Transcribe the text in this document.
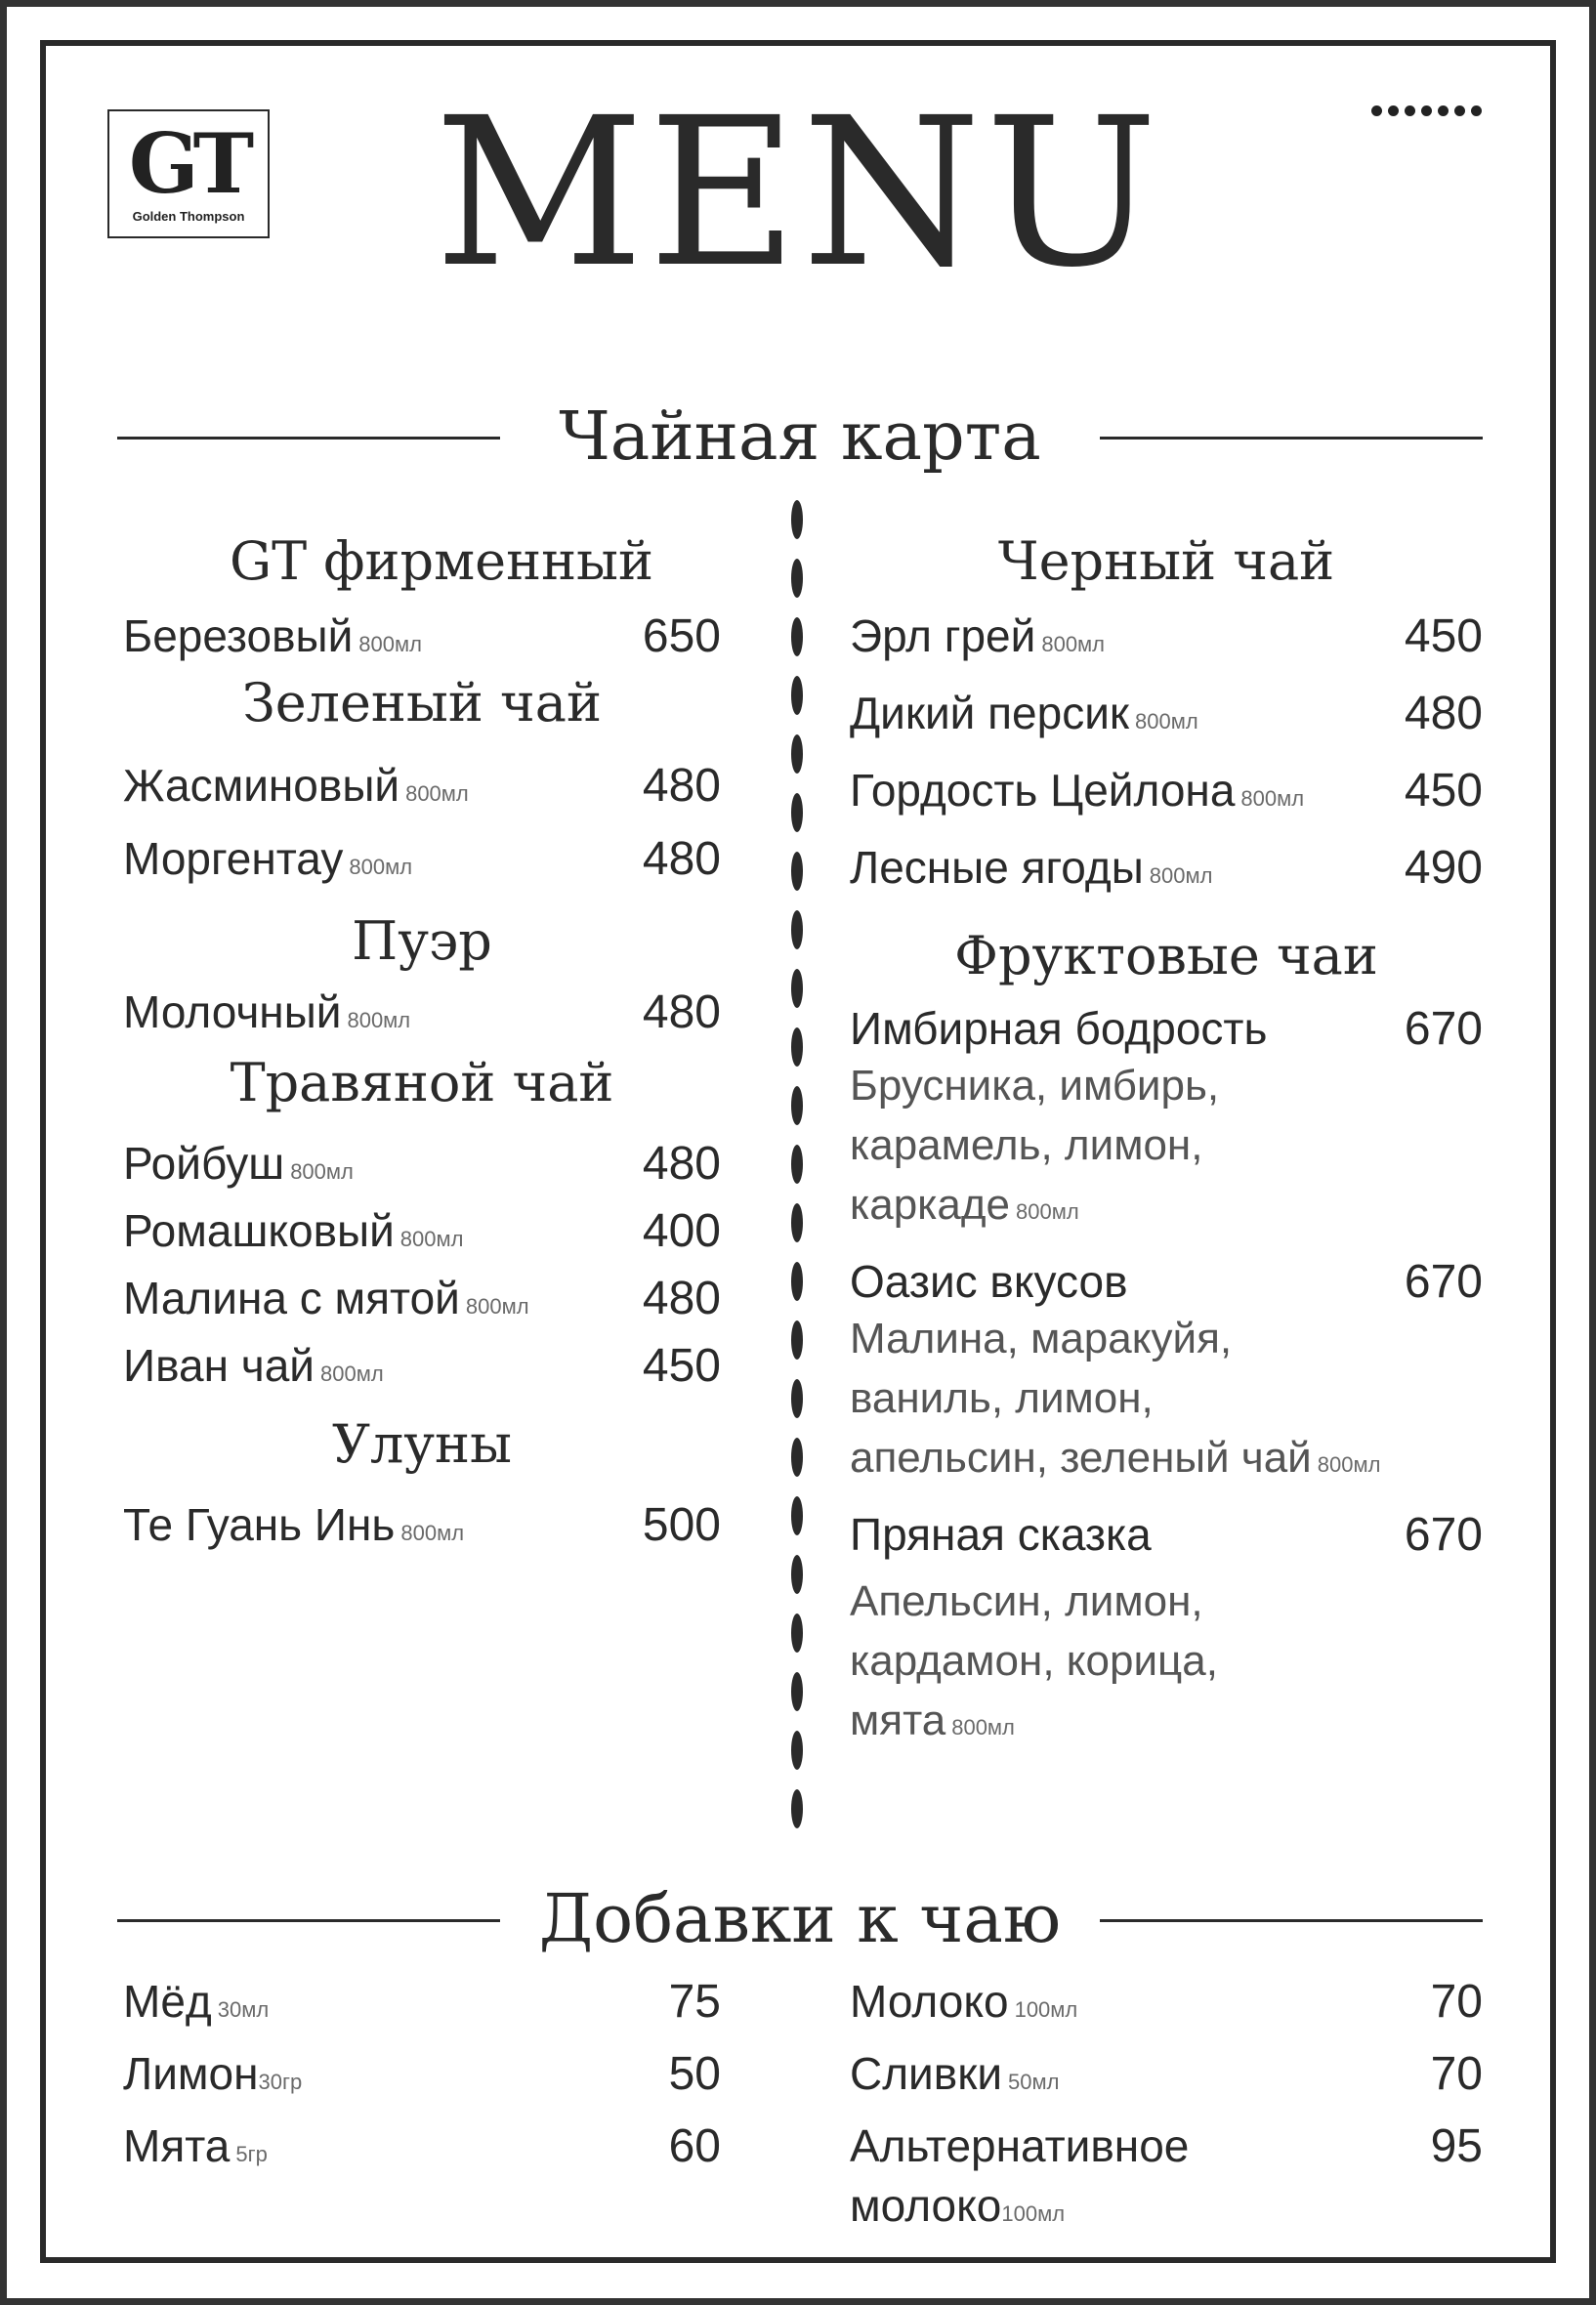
GT
Golden Thompson MENU
Чайная карта
GT фирменный
Березовый 800мл	650
Зеленый чай
Жасминовый 800мл	480
Моргентау 800мл	480
Пуэр
Молочный 800мл	480
Травяной чай
Ройбуш 800мл	480
Ромашковый 800мл	400
Малина с мятой 800мл 480
Иван чай 800мл	450
Улуны
Те Гуань Инь 800мл	500
Черный чай
Эрл грей 800мл	450
Дикий персик 800мл	480
Гордость Цейлона 800мл 450
Лесные ягоды 800мл	490
Фруктовые чаи
Имбирная бодрость	670
Брусника, имбирь,
карамель, лимон,
каркаде 800мл
Оазис вкусов	670
Малина, маракуйя,
ваниль, лимон,
апельсин, зеленый чай 800мл
Пряная сказка	670
Апельсин, лимон,
кардамон, корица,
мята 800мл
Добавки к чаю
Мёд 30мл	75
Лимон30гр	50
Мята 5гр	60
Молоко 100мл	70
Сливки 50мл	70
Альтернативное	95
молоко100мл
